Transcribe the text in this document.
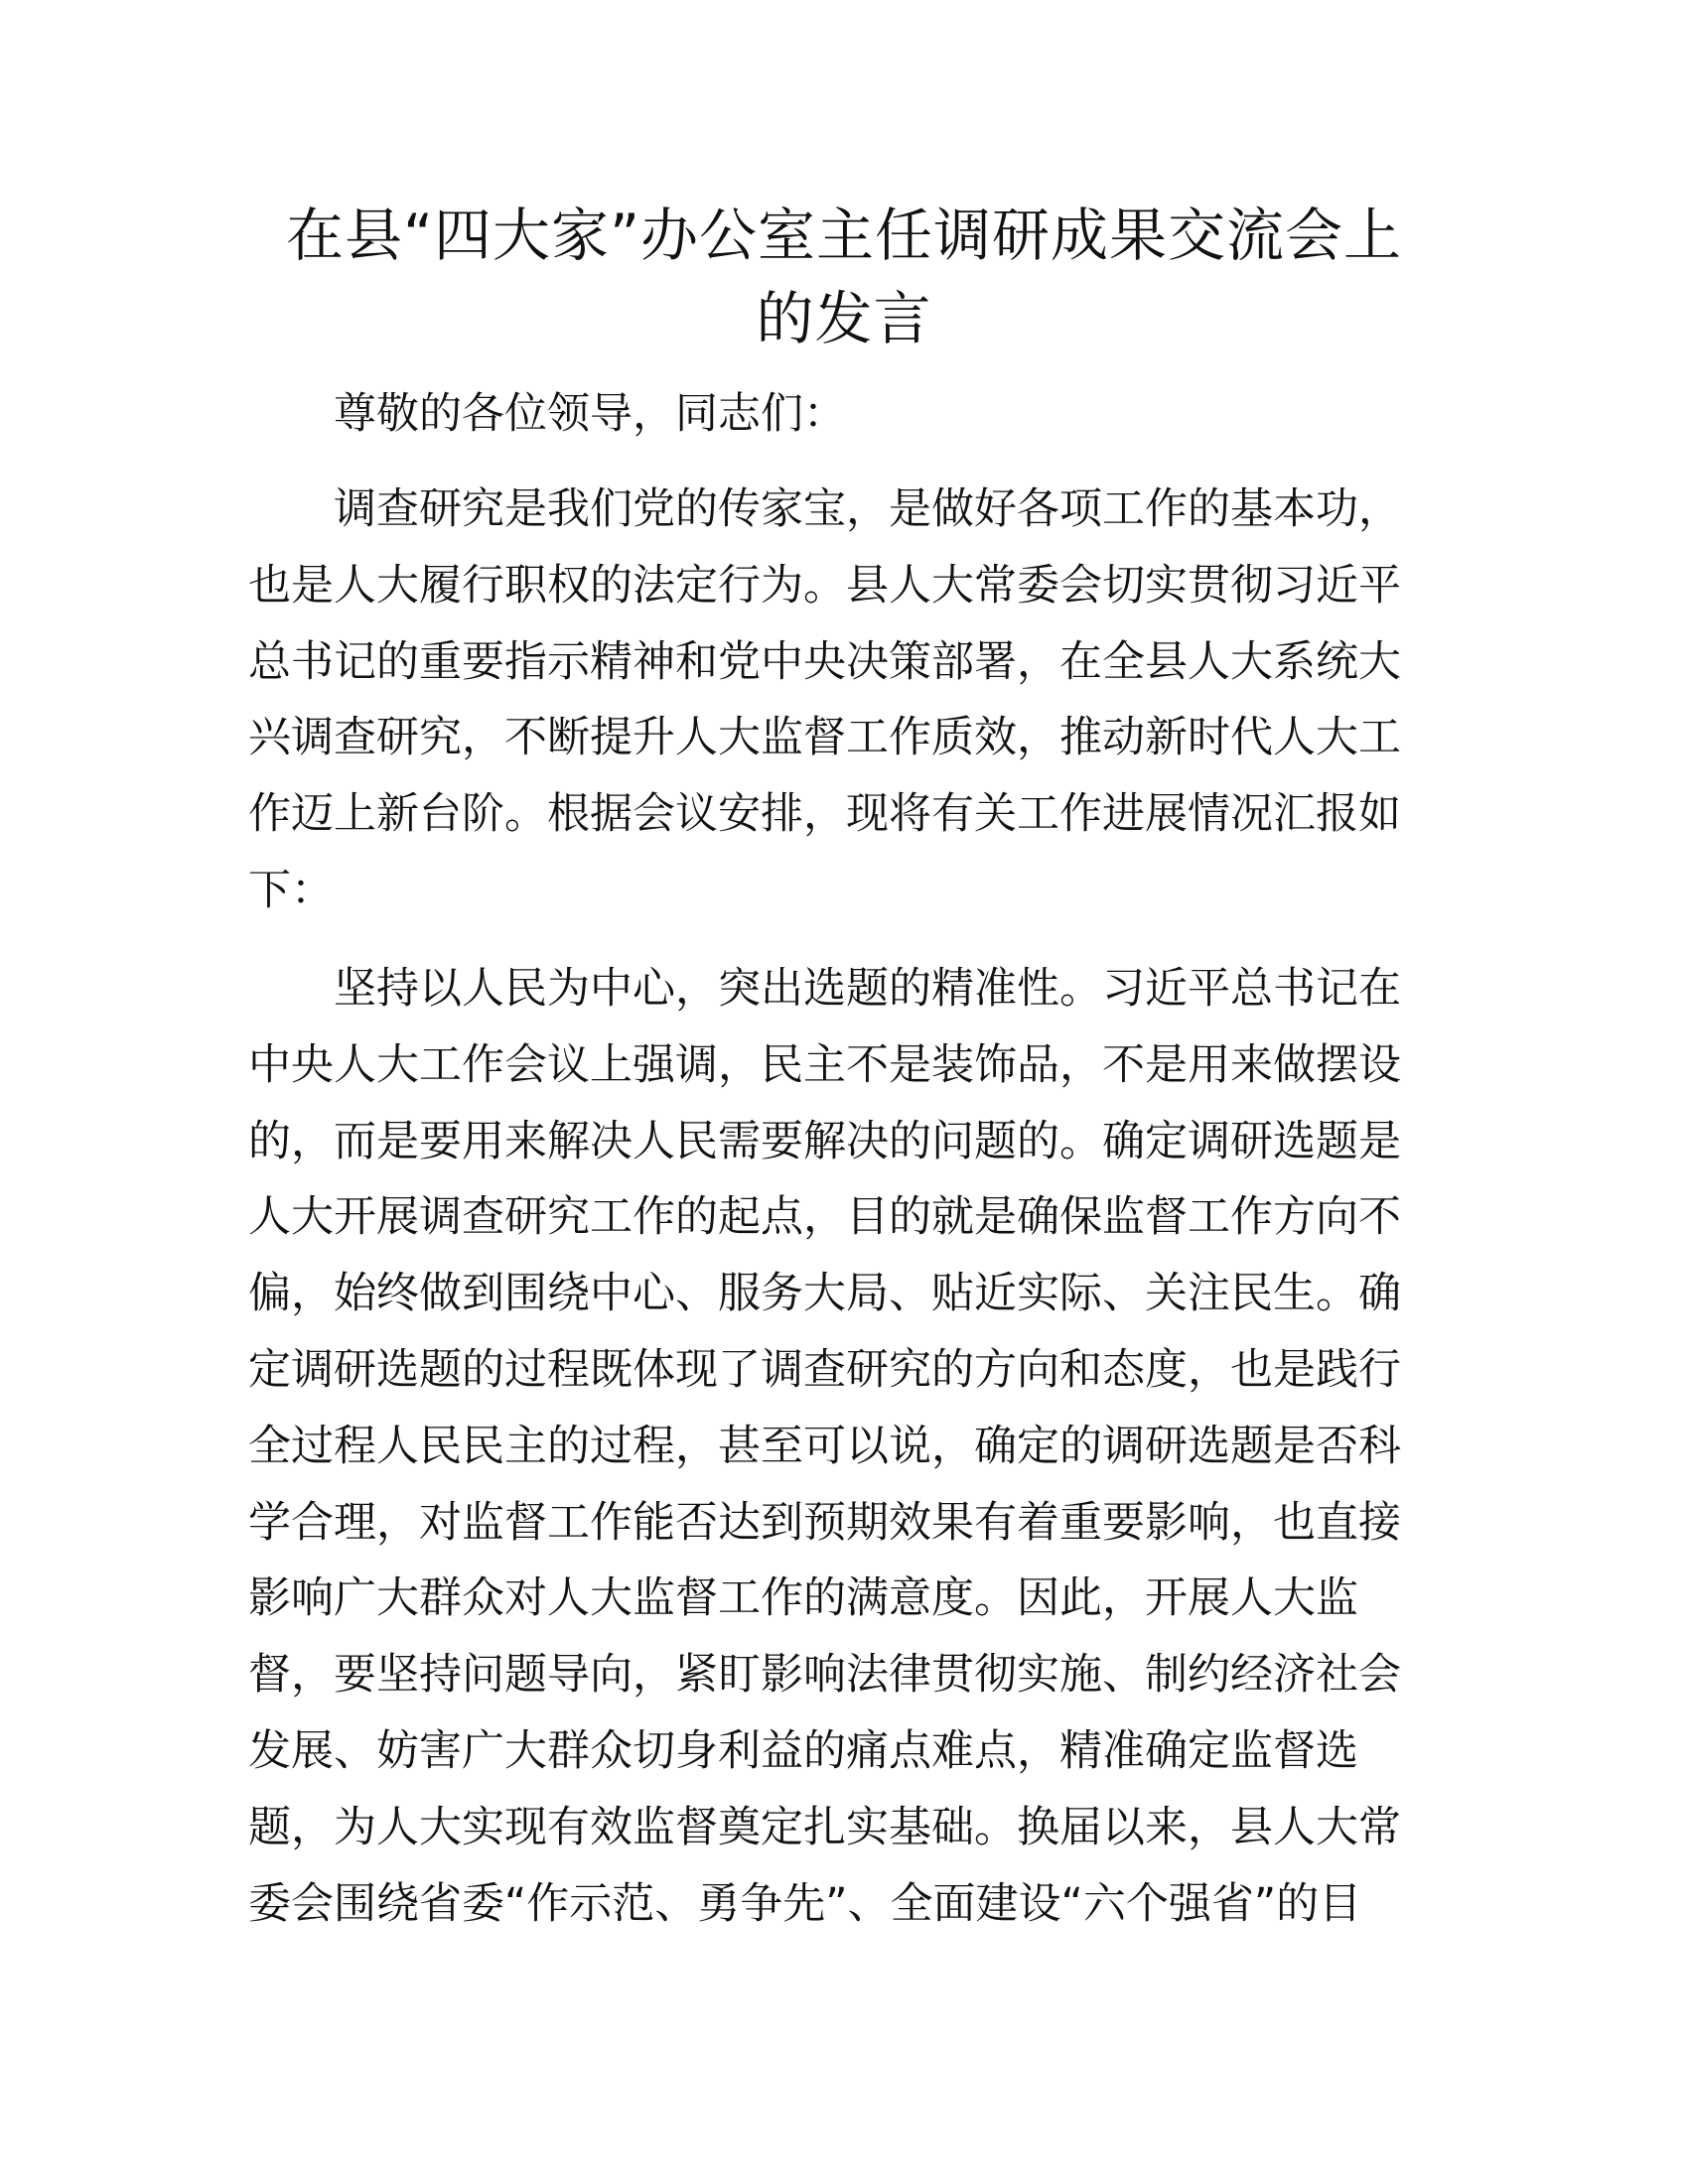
在县“四大家”办公室主任调研成果交流会上
的发言
尊敬的各位领导，同志们：
调查研究是我们党的传家宝，是做好各项工作的基本功，
也是人大履行职权的法定行为。县人大常委会切实贯彻习近平
总书记的重要指示精神和党中央决策部署，在全县人大系统大
兴调查研究，不断提升人大监督工作质效，推动新时代人大工
作迈上新台阶。根据会议安排，现将有关工作进展情况汇报如
下：
坚持以人民为中心，突出选题的精准性。习近平总书记在
中央人大工作会议上强调，民主不是装饰品，不是用来做摆设
的，而是要用来解决人民需要解决的问题的。确定调研选题是
人大开展调查研究工作的起点，目的就是确保监督工作方向不
偏，始终做到围绕中心、服务大局、贴近实际、关注民生。确
定调研选题的过程既体现了调查研究的方向和态度，也是践行
全过程人民民主的过程，甚至可以说，确定的调研选题是否科
学合理，对监督工作能否达到预期效果有着重要影响，也直接
影响广大群众对人大监督工作的满意度。因此，开展人大监
督，要坚持问题导向，紧盯影响法律贯彻实施、制约经济社会
发展、妨害广大群众切身利益的痛点难点，精准确定监督选
题，为人大实现有效监督奠定扎实基础。换届以来，县人大常
委会围绕省委“作示范、勇争先”、全面建设“六个强省”的目
